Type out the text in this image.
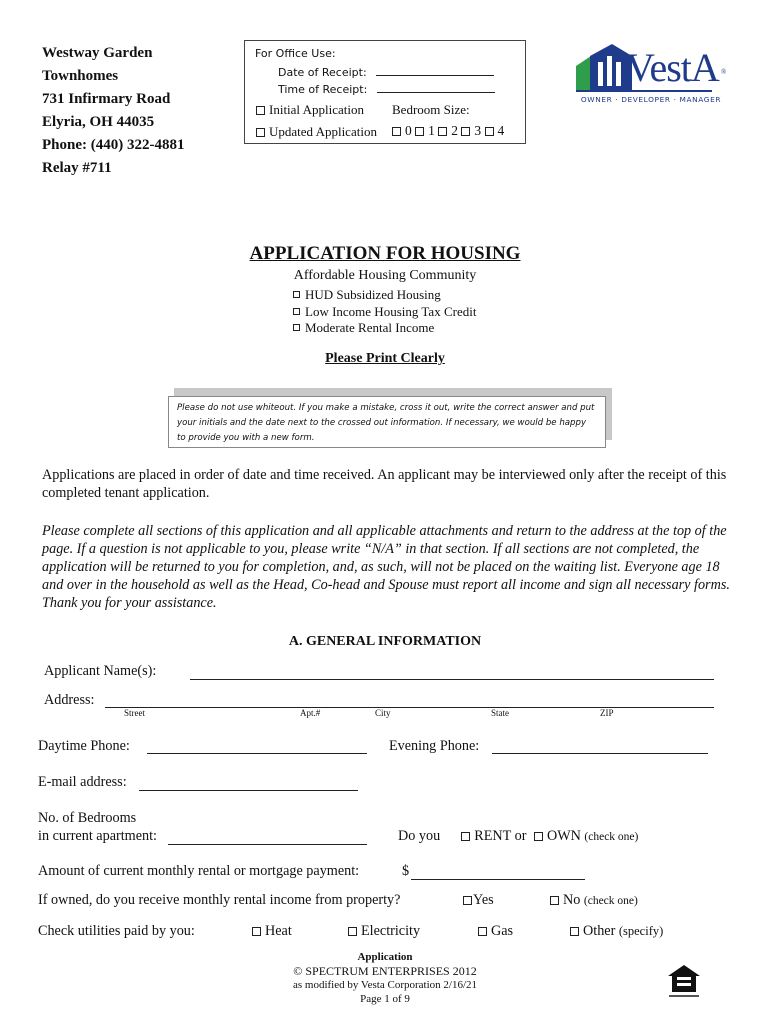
Westway Garden
Townhomes
731 Infirmary Road
Elyria, OH 44035
Phone: (440) 322-4881
Relay #711
For Office Use:
Date of Receipt:
Time of Receipt:
Initial Application Bedroom Size:
Updated Application	0 1 2 3 4
VestA ®
OWNER · DEVELOPER · MANAGER
APPLICATION FOR HOUSING
Affordable Housing Community
HUD Subsidized Housing
Low Income Housing Tax Credit
Moderate Rental Income
Please Print Clearly
Please do not use whiteout. If you make a mistake, cross it out, write the correct answer and put your initials and the date next to the crossed out information. If necessary, we would be happy to provide you with a new form.
Applications are placed in order of date and time received. An applicant may be interviewed only after the receipt of this completed tenant application.
Please complete all sections of this application and all applicable attachments and return to the address at the top of the page. If a question is not applicable to you, please write “N/A” in that section. If all sections are not completed, the application will be returned to you for completion, and, as such, will not be placed on the waiting list. Everyone age 18 and over in the household as well as the Head, Co-head and Spouse must report all income and sign all necessary forms. Thank you for your assistance.
A. GENERAL INFORMATION
Applicant Name(s):
Address:
Street	Apt.#	City	State	ZIP
Daytime Phone:	Evening Phone:
E-mail address:
No. of Bedrooms
in current apartment:	Do you RENT or OWN (check one)
Amount of current monthly rental or mortgage payment:	$
If owned, do you receive monthly rental income from property?	Yes	No (check one)
Check utilities paid by you:	Heat	Electricity	Gas	Other (specify)
Application
© SPECTRUM ENTERPRISES 2012
as modified by Vesta Corporation 2/16/21
Page 1 of 9
